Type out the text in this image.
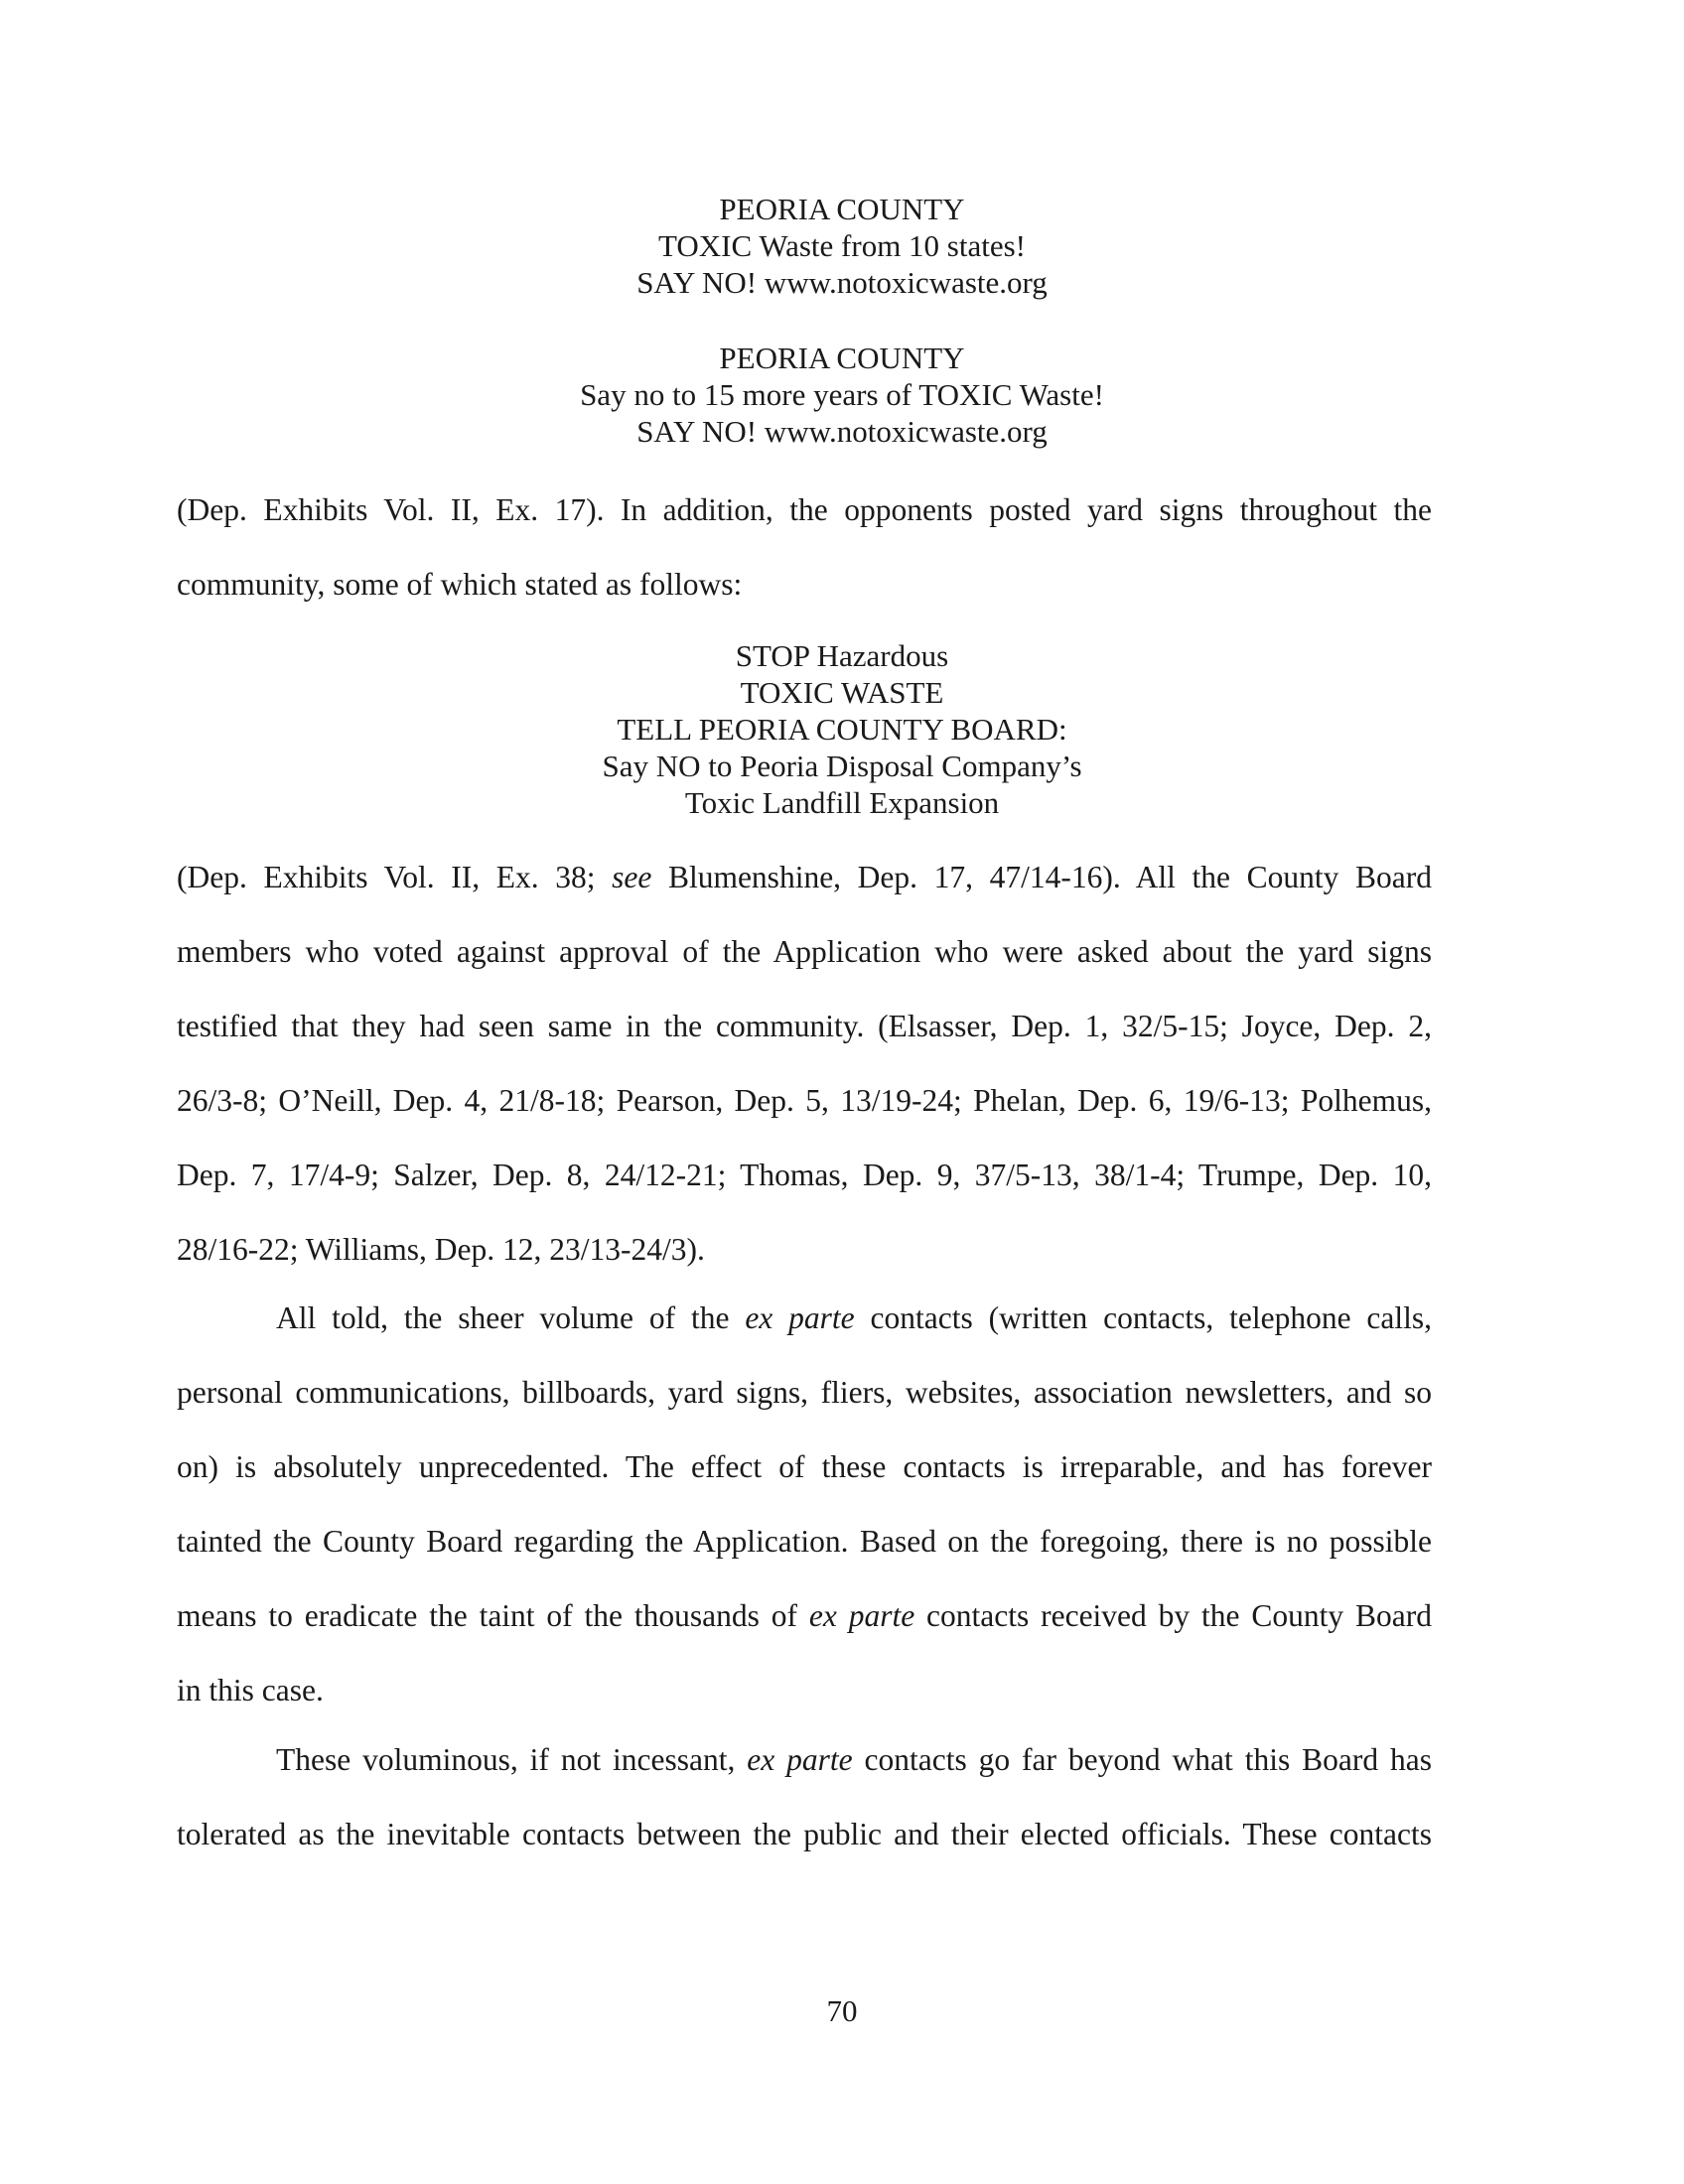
PEORIA COUNTY
TOXIC Waste from 10 states!
SAY NO! www.notoxicwaste.org
PEORIA COUNTY
Say no to 15 more years of TOXIC Waste!
SAY NO! www.notoxicwaste.org
(Dep. Exhibits Vol. II, Ex. 17). In addition, the opponents posted yard signs throughout the
community, some of which stated as follows:
STOP Hazardous
TOXIC WASTE
TELL PEORIA COUNTY BOARD:
Say NO to Peoria Disposal Company’s
Toxic Landfill Expansion
(Dep. Exhibits Vol. II, Ex. 38; see Blumenshine, Dep. 17, 47/14-16). All the County Board
members who voted against approval of the Application who were asked about the yard signs
testified that they had seen same in the community. (Elsasser, Dep. 1, 32/5-15; Joyce, Dep. 2,
26/3-8; O’Neill, Dep. 4, 21/8-18; Pearson, Dep. 5, 13/19-24; Phelan, Dep. 6, 19/6-13; Polhemus,
Dep. 7, 17/4-9; Salzer, Dep. 8, 24/12-21; Thomas, Dep. 9, 37/5-13, 38/1-4; Trumpe, Dep. 10,
28/16-22; Williams, Dep. 12, 23/13-24/3).
All told, the sheer volume of the ex parte contacts (written contacts, telephone calls,
personal communications, billboards, yard signs, fliers, websites, association newsletters, and so
on) is absolutely unprecedented. The effect of these contacts is irreparable, and has forever
tainted the County Board regarding the Application. Based on the foregoing, there is no possible
means to eradicate the taint of the thousands of ex parte contacts received by the County Board
in this case.
These voluminous, if not incessant, ex parte contacts go far beyond what this Board has
tolerated as the inevitable contacts between the public and their elected officials. These contacts
70
